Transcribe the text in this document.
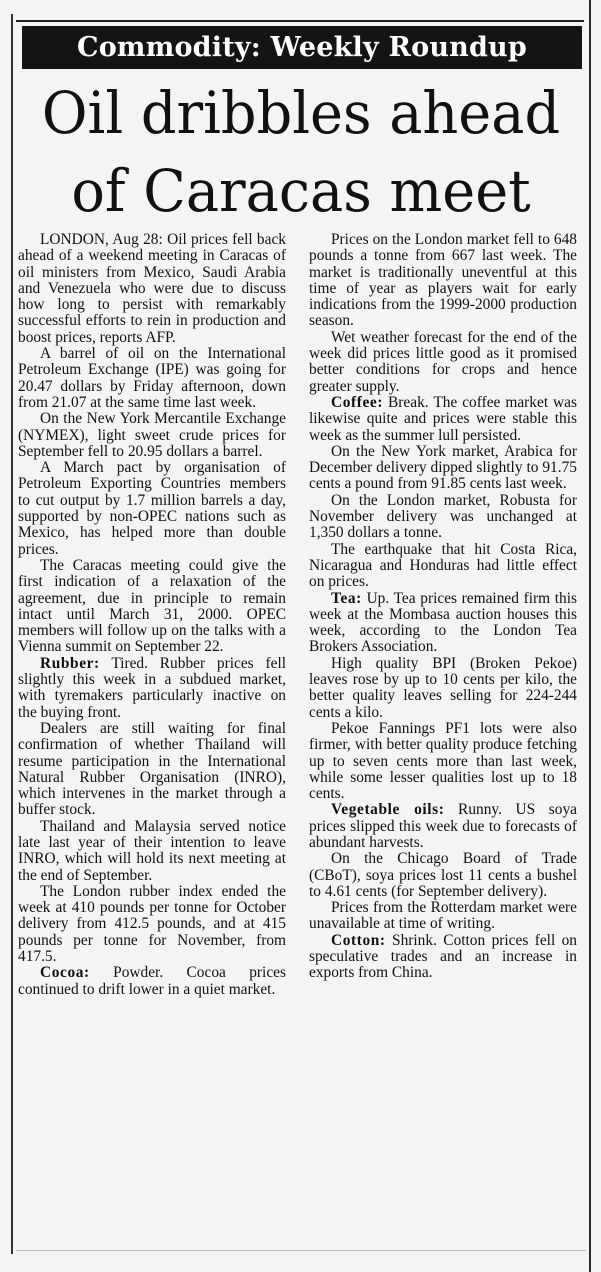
Commodity: Weekly Roundup
Oil dribbles ahead
of Caracas meet

LONDON, Aug 28: Oil prices fell back ahead of a weekend meeting in Caracas of oil ministers from Mexico, Saudi Arabia and Venezuela who were due to discuss how long to persist with remarkably successful efforts to rein in production and boost prices, reports AFP.

A barrel of oil on the International Petroleum Exchange (IPE) was going for 20.47 dollars by Friday afternoon, down from 21.07 at the same time last week.

On the New York Mercantile Exchange (NYMEX), light sweet crude prices for September fell to 20.95 dollars a barrel.

A March pact by organisation of Petroleum Exporting Countries members to cut output by 1.7 million barrels a day, supported by non-OPEC nations such as Mexico, has helped more than double prices.

The Caracas meeting could give the first indication of a relaxation of the agreement, due in principle to remain intact until March 31, 2000. OPEC members will follow up on the talks with a Vienna summit on September 22.

Rubber: Tired. Rubber prices fell slightly this week in a subdued market, with tyremakers particularly inactive on the buying front.

Dealers are still waiting for final confirmation of whether Thailand will resume participation in the International Natural Rubber Organisation (INRO), which intervenes in the market through a buffer stock.

Thailand and Malaysia served notice late last year of their intention to leave INRO, which will hold its next meeting at the end of September.

The London rubber index ended the week at 410 pounds per tonne for October delivery from 412.5 pounds, and at 415 pounds per tonne for November, from 417.5.

Cocoa: Powder. Cocoa prices continued to drift lower in a quiet market.

Prices on the London market fell to 648 pounds a tonne from 667 last week. The market is traditionally uneventful at this time of year as players wait for early indications from the 1999-2000 production season.

Wet weather forecast for the end of the week did prices little good as it promised better conditions for crops and hence greater supply.

Coffee: Break. The coffee market was likewise quite and prices were stable this week as the summer lull persisted.

On the New York market, Arabica for December delivery dipped slightly to 91.75 cents a pound from 91.85 cents last week.

On the London market, Robusta for November delivery was unchanged at 1,350 dollars a tonne.

The earthquake that hit Costa Rica, Nicaragua and Honduras had little effect on prices.

Tea: Up. Tea prices remained firm this week at the Mombasa auction houses this week, according to the London Tea Brokers Association.

High quality BPI (Broken Pekoe) leaves rose by up to 10 cents per kilo, the better quality leaves selling for 224-244 cents a kilo.

Pekoe Fannings PF1 lots were also firmer, with better quality produce fetching up to seven cents more than last week, while some lesser qualities lost up to 18 cents.

Vegetable oils: Runny. US soya prices slipped this week due to forecasts of abundant harvests.

On the Chicago Board of Trade (CBoT), soya prices lost 11 cents a bushel to 4.61 cents (for September delivery).

Prices from the Rotterdam market were unavailable at time of writing.

Cotton: Shrink. Cotton prices fell on speculative trades and an increase in exports from China.
